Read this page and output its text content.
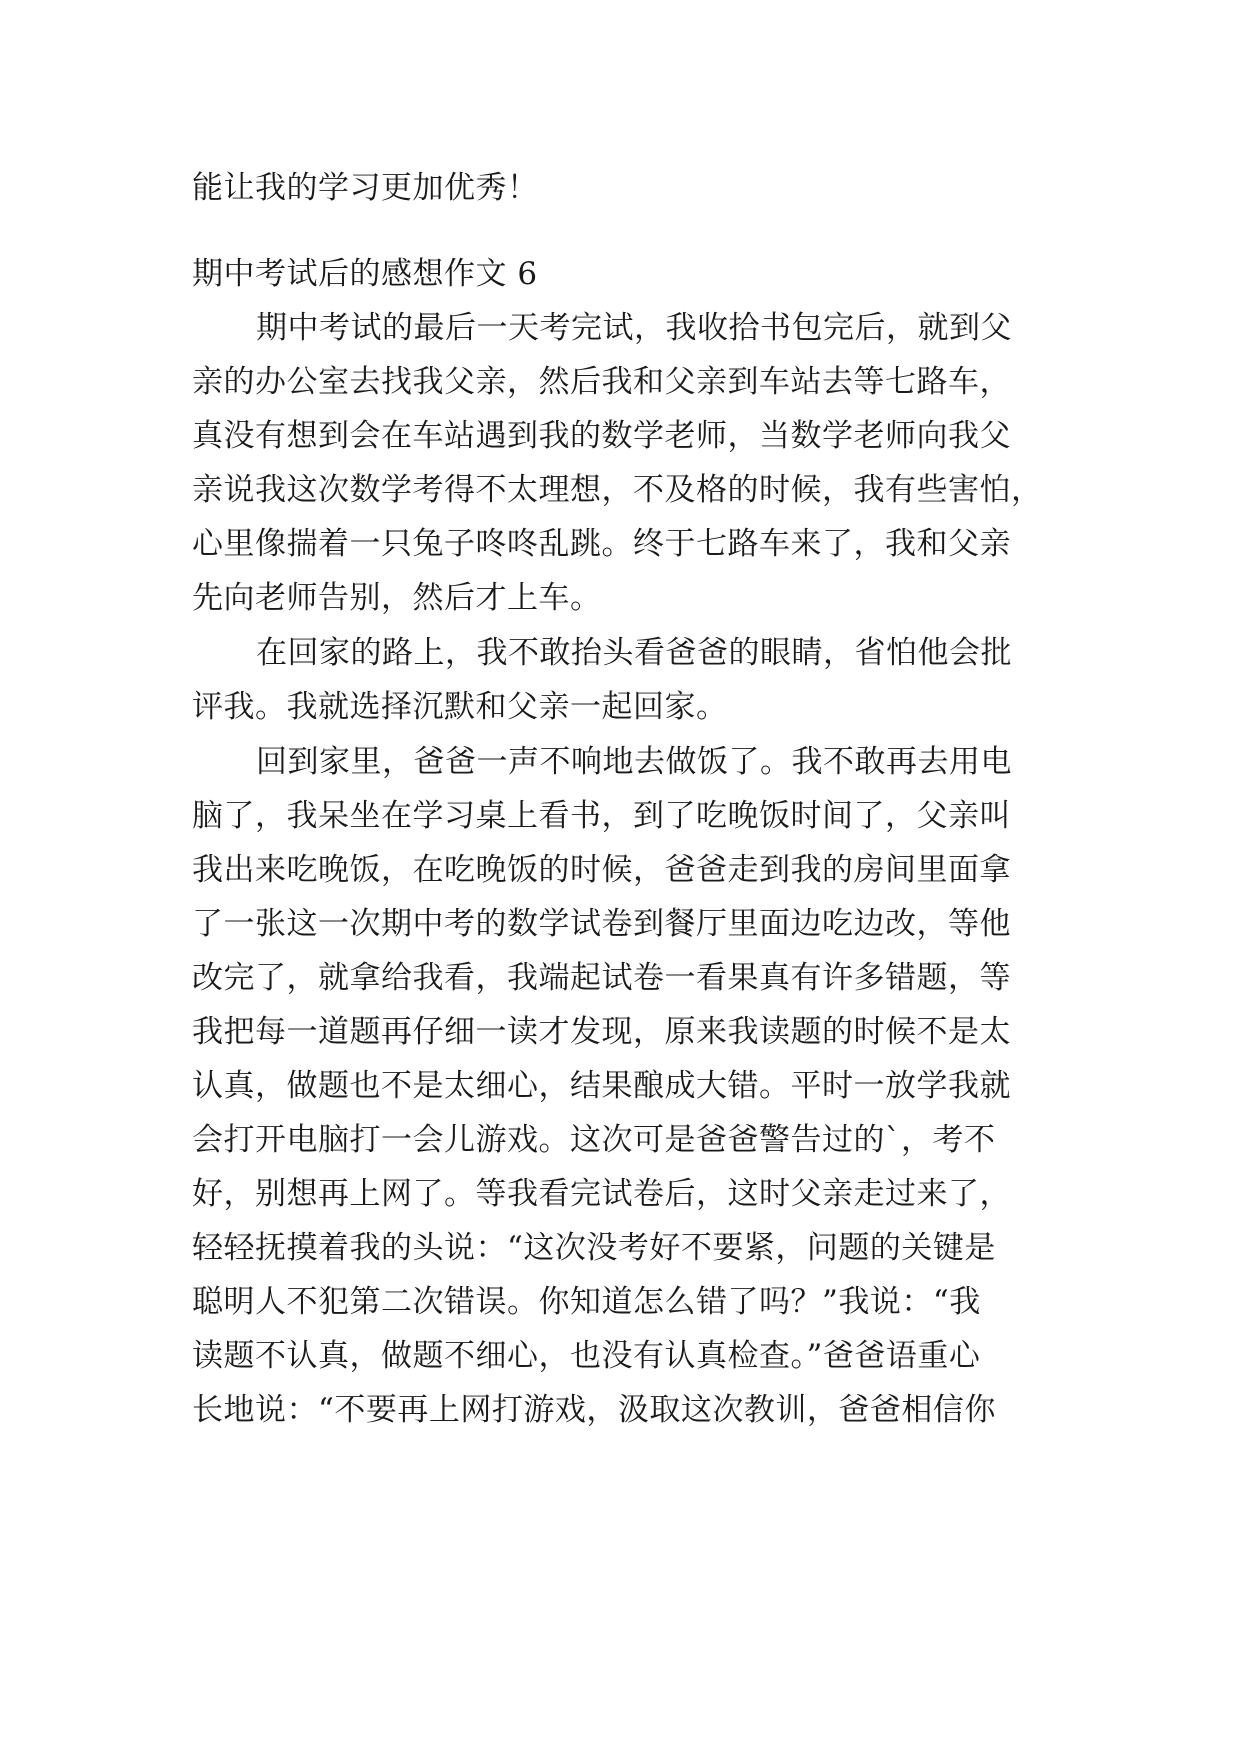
能让我的学习更加优秀！

期中考试后的感想作文 6

期中考试的最后一天考完试，我收拾书包完后，就到父

亲的办公室去找我父亲，然后我和父亲到车站去等七路车，

真没有想到会在车站遇到我的数学老师，当数学老师向我父

亲说我这次数学考得不太理想，不及格的时候，我有些害怕，

心里像揣着一只兔子咚咚乱跳。终于七路车来了，我和父亲

先向老师告别，然后才上车。

在回家的路上，我不敢抬头看爸爸的眼睛，省怕他会批

评我。我就选择沉默和父亲一起回家。

回到家里，爸爸一声不响地去做饭了。我不敢再去用电

脑了，我呆坐在学习桌上看书，到了吃晚饭时间了，父亲叫

我出来吃晚饭，在吃晚饭的时候，爸爸走到我的房间里面拿

了一张这一次期中考的数学试卷到餐厅里面边吃边改，等他

改完了，就拿给我看，我端起试卷一看果真有许多错题，等

我把每一道题再仔细一读才发现，原来我读题的时候不是太

认真，做题也不是太细心，结果酿成大错。平时一放学我就

会打开电脑打一会儿游戏。这次可是爸爸警告过的`，考不

好，别想再上网了。等我看完试卷后，这时父亲走过来了，

轻轻抚摸着我的头说：“这次没考好不要紧，问题的关键是

聪明人不犯第二次错误。你知道怎么错了吗？”我说：“我

读题不认真，做题不细心，也没有认真检查。”爸爸语重心

长地说：“不要再上网打游戏，汲取这次教训，爸爸相信你
